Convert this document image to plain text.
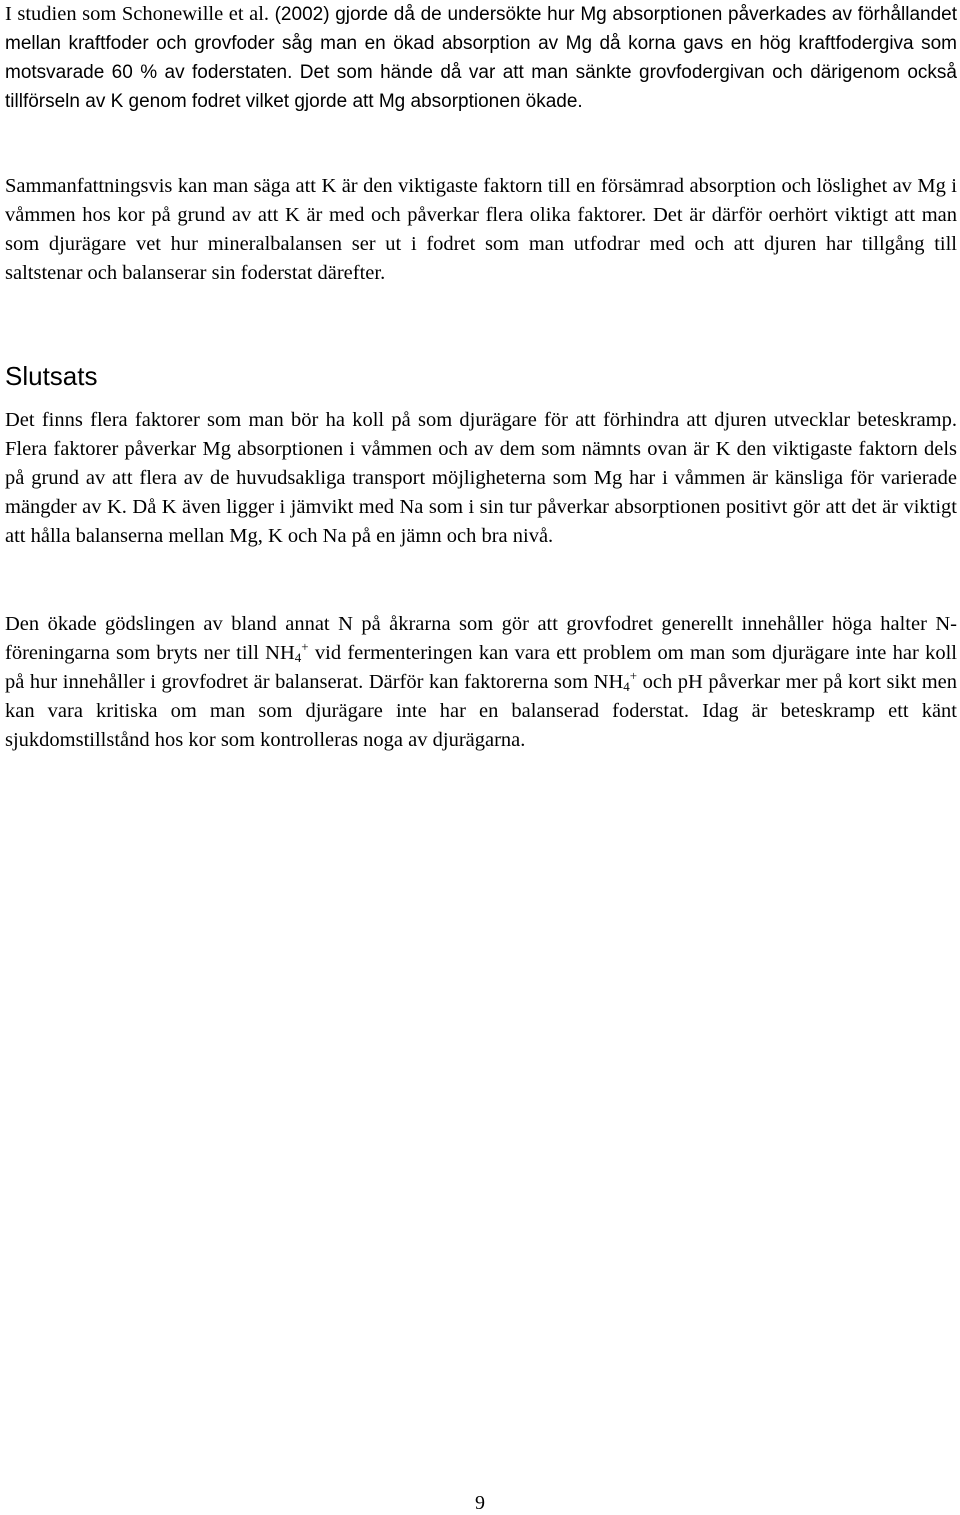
I studien som Schonewille et al. (2002) gjorde då de undersökte hur Mg absorptionen påverkades av förhållandet mellan kraftfoder och grovfoder såg man en ökad absorption av Mg då korna gavs en hög kraftfodergiva som motsvarade 60 % av foderstaten. Det som hände då var att man sänkte grovfodergivan och därigenom också tillförseln av K genom fodret vilket gjorde att Mg absorptionen ökade.

Sammanfattningsvis kan man säga att K är den viktigaste faktorn till en försämrad absorption och löslighet av Mg i våmmen hos kor på grund av att K är med och påverkar flera olika faktorer. Det är därför oerhört viktigt att man som djurägare vet hur mineralbalansen ser ut i fodret som man utfodrar med och att djuren har tillgång till saltstenar och balanserar sin foderstat därefter.

Slutsats

Det finns flera faktorer som man bör ha koll på som djurägare för att förhindra att djuren utvecklar beteskramp. Flera faktorer påverkar Mg absorptionen i våmmen och av dem som nämnts ovan är K den viktigaste faktorn dels på grund av att flera av de huvudsakliga transport möjligheterna som Mg har i våmmen är känsliga för varierade mängder av K. Då K även ligger i jämvikt med Na som i sin tur påverkar absorptionen positivt gör att det är viktigt att hålla balanserna mellan Mg, K och Na på en jämn och bra nivå.

Den ökade gödslingen av bland annat N på åkrarna som gör att grovfodret generellt innehåller höga halter N- föreningarna som bryts ner till $NH_4^+$ vid fermenteringen kan vara ett problem om man som djurägare inte har koll på hur innehåller i grovfodret är balanserat. Därför kan faktorerna som $NH_4^+$ och pH påverkar mer på kort sikt men kan vara kritiska om man som djurägare inte har en balanserad foderstat. Idag är beteskramp ett känt sjukdomstillstånd hos kor som kontrolleras noga av djurägarna.

9
